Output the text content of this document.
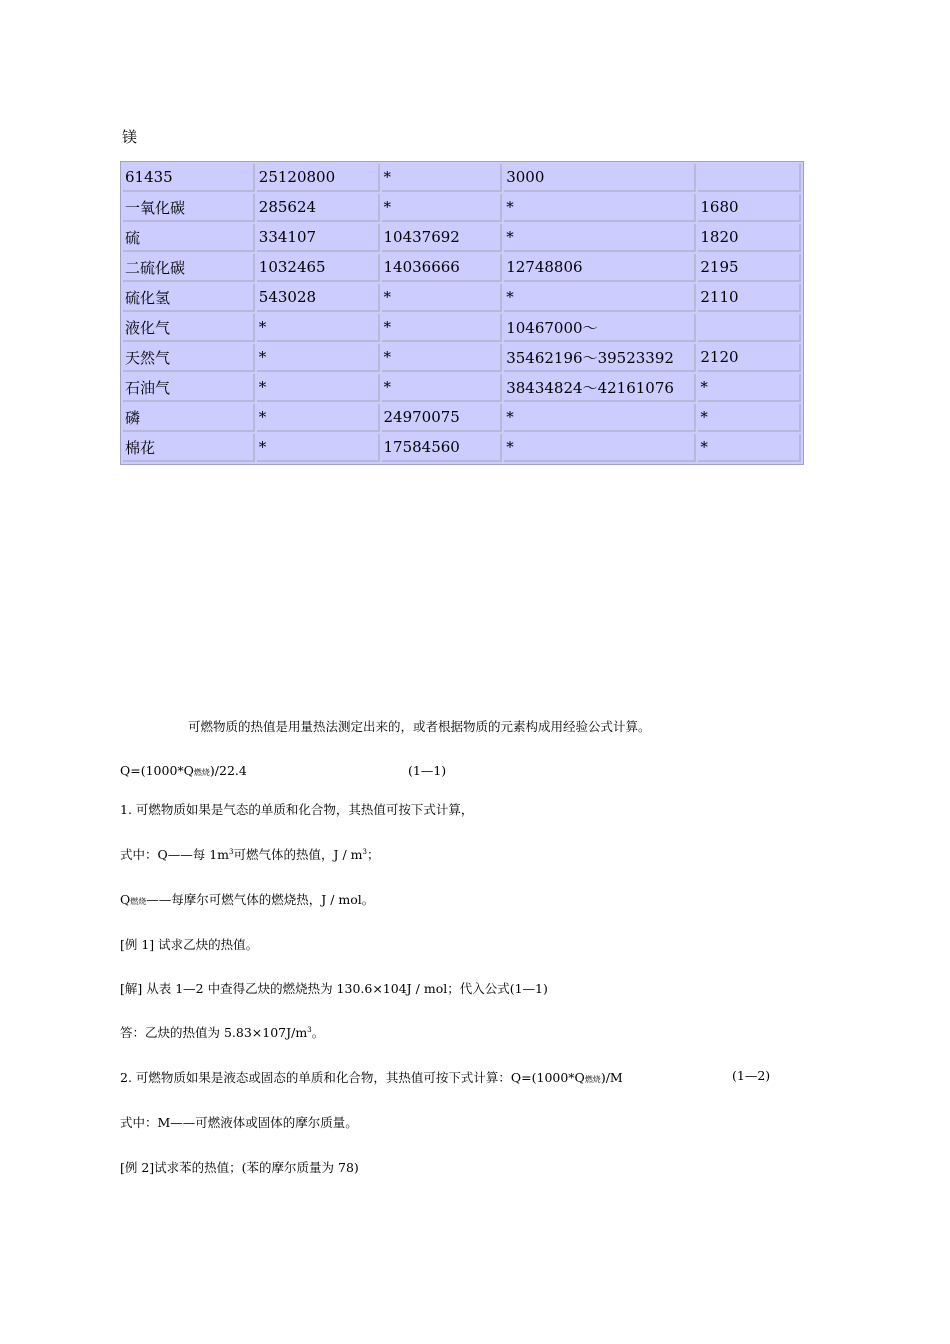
镁
61435	25120800	*	3000	
一氧化碳	285624	*	*	1680
硫	334107	10437692	*	1820
二硫化碳	1032465	14036666	12748806	2195
硫化氢	543028	*	*	2110
液化气	*	*	10467000～	
天然气	*	*	35462196～39523392	2120
石油气	*	*	38434824～42161076	*
磷	*	24970075	*	*
棉花	*	17584560	*	*
可燃物质的热值是用量热法测定出来的，或者根据物质的元素构成用经验公式计算。
Q=(1000*Q燃烧)/22.4	(1—1)
1. 可燃物质如果是气态的单质和化合物，其热值可按下式计算，
式中：Q——每 $1m^3$可燃气体的热值，J / $m^3$；
Q燃烧——每摩尔可燃气体的燃烧热，J / mol。
[例 1] 试求乙炔的热值。
[解] 从表 1—2 中查得乙炔的燃烧热为 130.6×104J / mol；代入公式(1—1)
答：乙炔的热值为 $5.83\times 107J/m^3$。
2. 可燃物质如果是液态或固态的单质和化合物，其热值可按下式计算：Q=(1000*Q燃烧)/M	(1—2)
式中：M——可燃液体或固体的摩尔质量。
[例 2]试求苯的热值；(苯的摩尔质量为 78)
